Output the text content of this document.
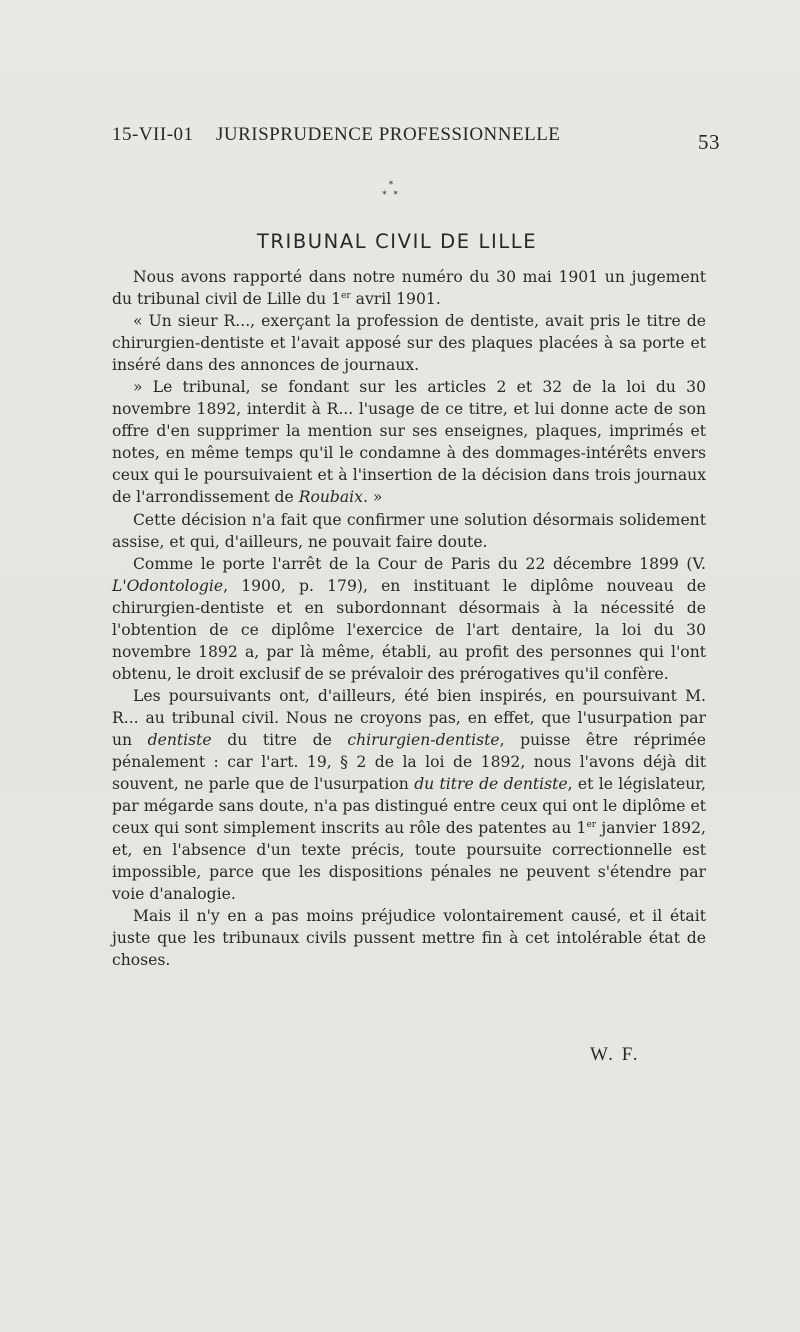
15-VII-01 JURISPRUDENCE PROFESSIONNELLE	53
*
* *
TRIBUNAL CIVIL DE LILLE

Nous avons rapporté dans notre numéro du 30 mai 1901 un jugement du tribunal civil de Lille du 1er avril 1901.

« Un sieur R..., exerçant la profession de dentiste, avait pris le titre de chirurgien-dentiste et l'avait apposé sur des plaques placées à sa porte et inséré dans des annonces de journaux.

» Le tribunal, se fondant sur les articles 2 et 32 de la loi du 30 novembre 1892, interdit à R... l'usage de ce titre, et lui donne acte de son offre d'en supprimer la mention sur ses enseignes, plaques, imprimés et notes, en même temps qu'il le condamne à des dommages-intérêts envers ceux qui le poursuivaient et à l'insertion de la décision dans trois journaux de l'arrondissement de Roubaix. »

Cette décision n'a fait que confirmer une solution désormais solidement assise, et qui, d'ailleurs, ne pouvait faire doute.

Comme le porte l'arrêt de la Cour de Paris du 22 décembre 1899 (V. L'Odontologie, 1900, p. 179), en instituant le diplôme nouveau de chirurgien-dentiste et en subordonnant désormais à la nécessité de l'obtention de ce diplôme l'exercice de l'art dentaire, la loi du 30 novembre 1892 a, par là même, établi, au profit des personnes qui l'ont obtenu, le droit exclusif de se prévaloir des prérogatives qu'il confère.

Les poursuivants ont, d'ailleurs, été bien inspirés, en poursuivant M. R... au tribunal civil. Nous ne croyons pas, en effet, que l'usurpation par un dentiste du titre de chirurgien-dentiste, puisse être réprimée pénalement : car l'art. 19, § 2 de la loi de 1892, nous l'avons déjà dit souvent, ne parle que de l'usurpation du titre de dentiste, et le législateur, par mégarde sans doute, n'a pas distingué entre ceux qui ont le diplôme et ceux qui sont simplement inscrits au rôle des patentes au 1er janvier 1892, et, en l'absence d'un texte précis, toute poursuite correctionnelle est impossible, parce que les dispositions pénales ne peuvent s'étendre par voie d'analogie.

Mais il n'y en a pas moins préjudice volontairement causé, et il était juste que les tribunaux civils pussent mettre fin à cet intolérable état de choses.

W. F.
